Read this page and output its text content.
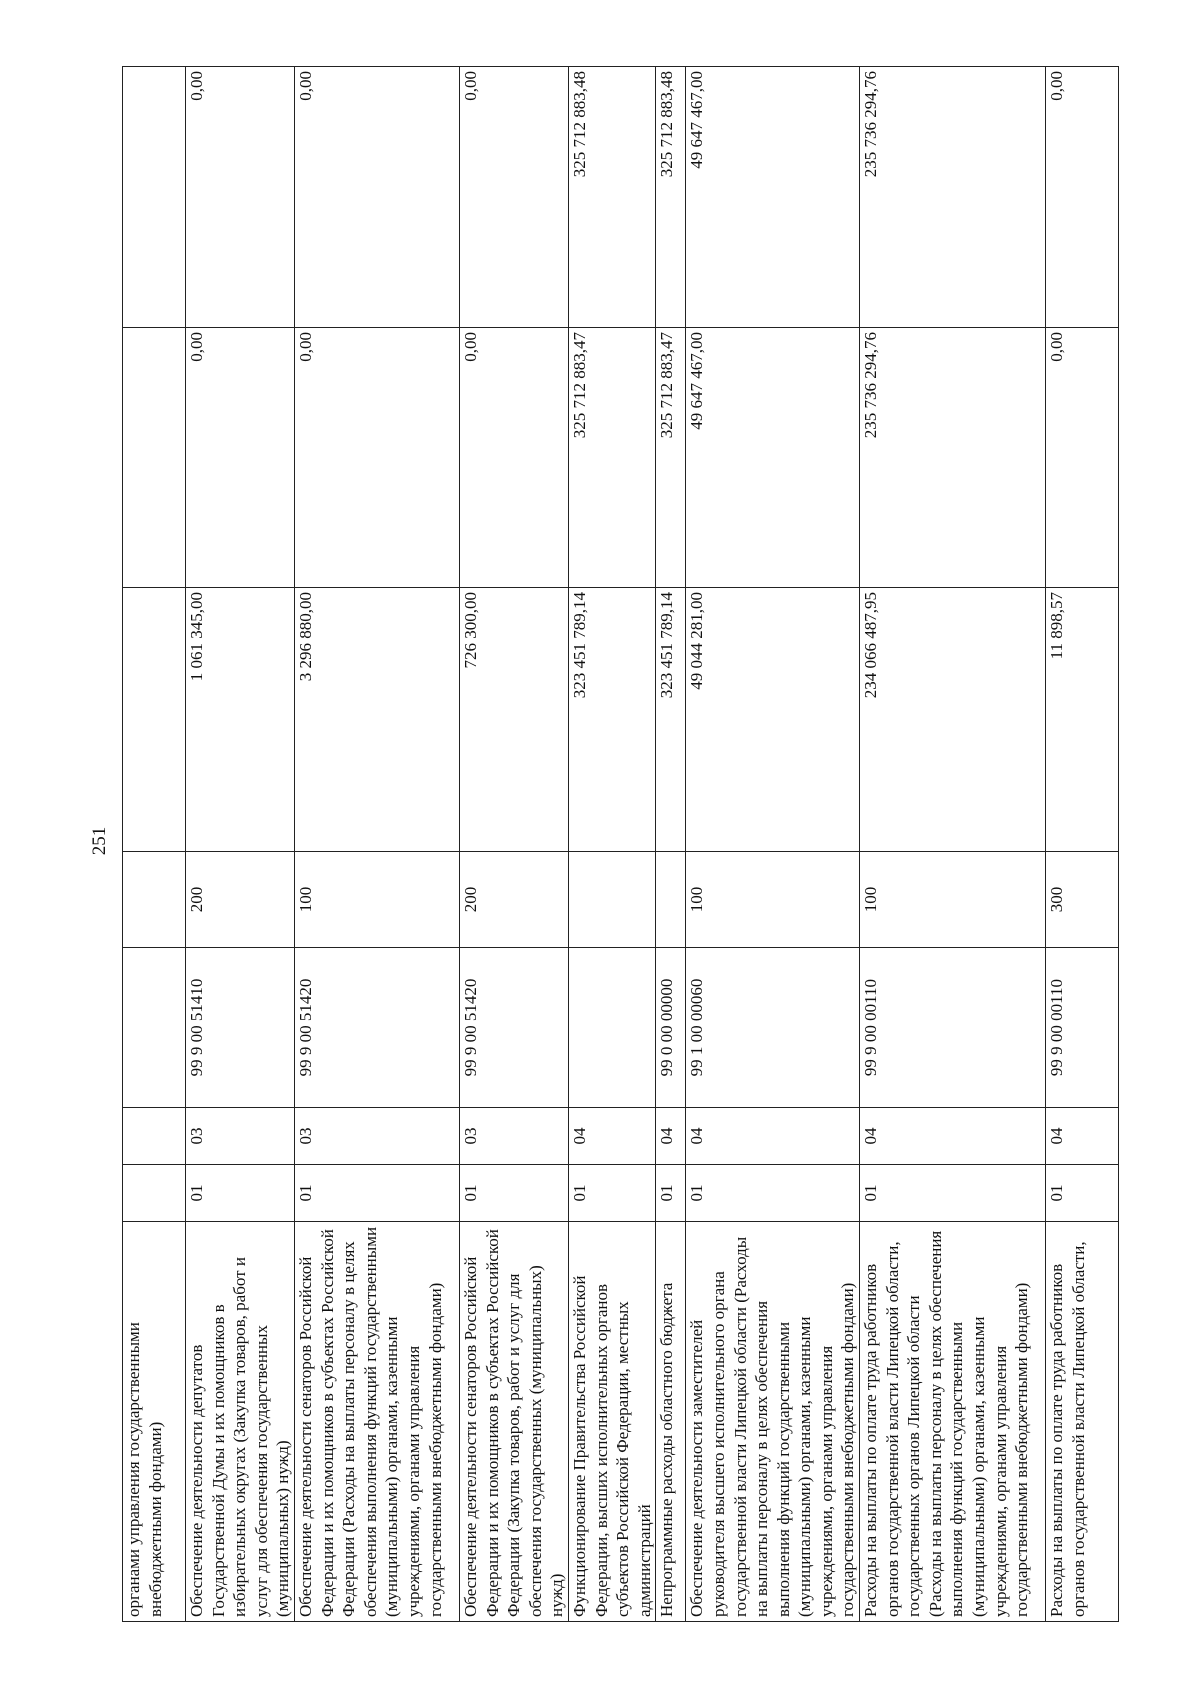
251
органами управления государственными внебюджетными фондами)							
Обеспечение деятельности депутатов Государственной Думы и их помощников в избирательных округах (Закупка товаров, работ и услуг для обеспечения государственных (муниципальных) нужд)	01	03	99 9 00 51410	200	1 061 345,00	0,00	0,00
Обеспечение деятельности сенаторов Российской Федерации и их помощников в субъектах Российской Федерации (Расходы на выплаты персоналу в целях обеспечения выполнения функций государственными (муниципальными) органами, казенными учреждениями, органами управления государственными внебюджетными фондами)	01	03	99 9 00 51420	100	3 296 880,00	0,00	0,00
Обеспечение деятельности сенаторов Российской Федерации и их помощников в субъектах Российской Федерации (Закупка товаров, работ и услуг для обеспечения государственных (муниципальных) нужд)	01	03	99 9 00 51420	200	726 300,00	0,00	0,00
Функционирование Правительства Российской Федерации, высших исполнительных органов субъектов Российской Федерации, местных администраций	01	04			323 451 789,14	325 712 883,47	325 712 883,48
Непрограммные расходы областного бюджета	01	04	99 0 00 00000		323 451 789,14	325 712 883,47	325 712 883,48
Обеспечение деятельности заместителей руководителя высшего исполнительного органа государственной власти Липецкой области (Расходы на выплаты персоналу в целях обеспечения выполнения функций государственными (муниципальными) органами, казенными учреждениями, органами управления государственными внебюджетными фондами)	01	04	99 1 00 00060	100	49 044 281,00	49 647 467,00	49 647 467,00
Расходы на выплаты по оплате труда работников органов государственной власти Липецкой области, государственных органов Липецкой области (Расходы на выплаты персоналу в целях обеспечения выполнения функций государственными (муниципальными) органами, казенными учреждениями, органами управления государственными внебюджетными фондами)	01	04	99 9 00 00110	100	234 066 487,95	235 736 294,76	235 736 294,76
Расходы на выплаты по оплате труда работников органов государственной власти Липецкой области,	01	04	99 9 00 00110	300	11 898,57	0,00	0,00
